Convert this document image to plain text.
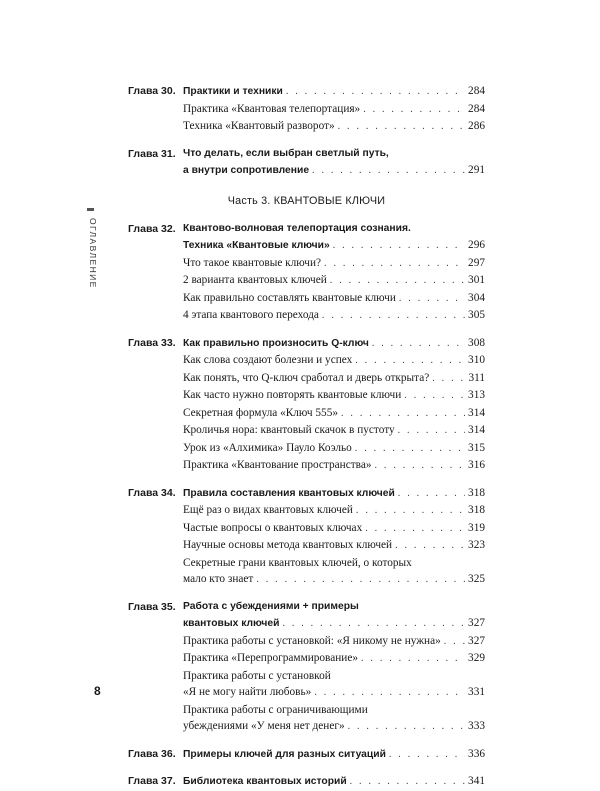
ОГЛАВЛЕНИЕ
Глава 30. Практики и техники . . .	284
Практика «Квантовая телепортация» . . .	284
Техника «Квантовый разворот» . . .	286
Глава 31. Что делать, если выбран светлый путь,
а внутри сопротивление . . .	291
Часть 3. КВАНТОВЫЕ КЛЮЧИ
Глава 32. Квантово-волновая телепортация сознания.
Техника «Квантовые ключи» . . .	296
Что такое квантовые ключи? . . .	297
2 варианта квантовых ключей . . .	301
Как правильно составлять квантовые ключи . . .	304
4 этапа квантового перехода . . .	305
Глава 33. Как правильно произносить Q-ключ . . .	308
Как слова создают болезни и успех . . .	310
Как понять, что Q-ключ сработал и дверь открыта? . . .	311
Как часто нужно повторять квантовые ключи . . .	313
Секретная формула «Ключ 555» . . .	314
Кроличья нора: квантовый скачок в пустоту . . .	314
Урок из «Алхимика» Пауло Коэльо . . .	315
Практика «Квантование пространства» . . .	316
Глава 34. Правила составления квантовых ключей . . .	318
Ещё раз о видах квантовых ключей . . .	318
Частые вопросы о квантовых ключах . . .	319
Научные основы метода квантовых ключей . . .	323
Секретные грани квантовых ключей, о которых
мало кто знает . . .	325
Глава 35. Работа с убеждениями + примеры
квантовых ключей . . .	327
Практика работы с установкой: «Я никому не нужна» . . . 327
Практика «Перепрограммирование» . . .	329
Практика работы с установкой
«Я не могу найти любовь» . . .	331
Практика работы с ограничивающими
убеждениями «У меня нет денег» . . .	333
Глава 36. Примеры ключей для разных ситуаций . . .	336
Глава 37. Библиотека квантовых историй . . .	341
8
